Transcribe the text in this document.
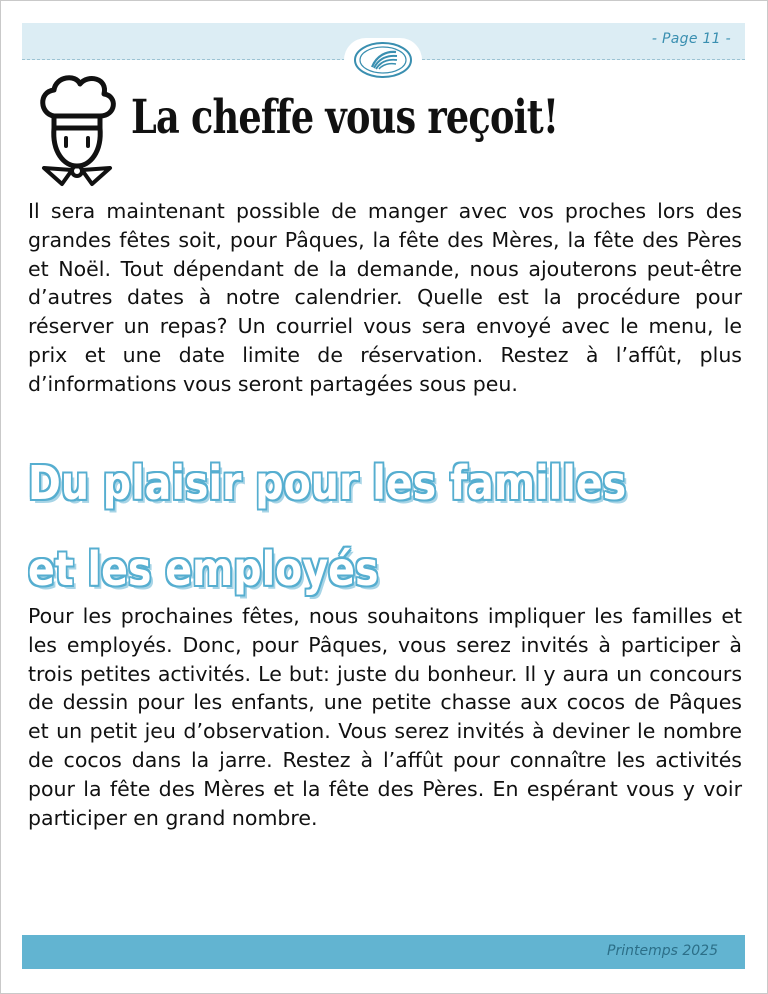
- Page 11 -
La cheffe vous reçoit!

Il sera maintenant possible de manger avec vos proches lors des grandes fêtes soit, pour Pâques, la fête des Mères, la fête des Pères et Noël. Tout dépendant de la demande, nous ajouterons peut-être d’autres dates à notre calendrier. Quelle est la procédure pour réserver un repas? Un courriel vous sera envoyé avec le menu, le prix et une date limite de réservation. Restez à l’affût, plus d’informations vous seront partagées sous peu.

Du plaisir pour les familles
et les employés

Pour les prochaines fêtes, nous souhaitons impliquer les familles et les employés. Donc, pour Pâques, vous serez invités à participer à trois petites activités. Le but: juste du bonheur. Il y aura un concours de dessin pour les enfants, une petite chasse aux cocos de Pâques et un petit jeu d’observation. Vous serez invités à deviner le nombre de cocos dans la jarre. Restez à l’affût pour connaître les activités pour la fête des Mères et la fête des Pères. En espérant vous y voir participer en grand nombre.

Printemps 2025
